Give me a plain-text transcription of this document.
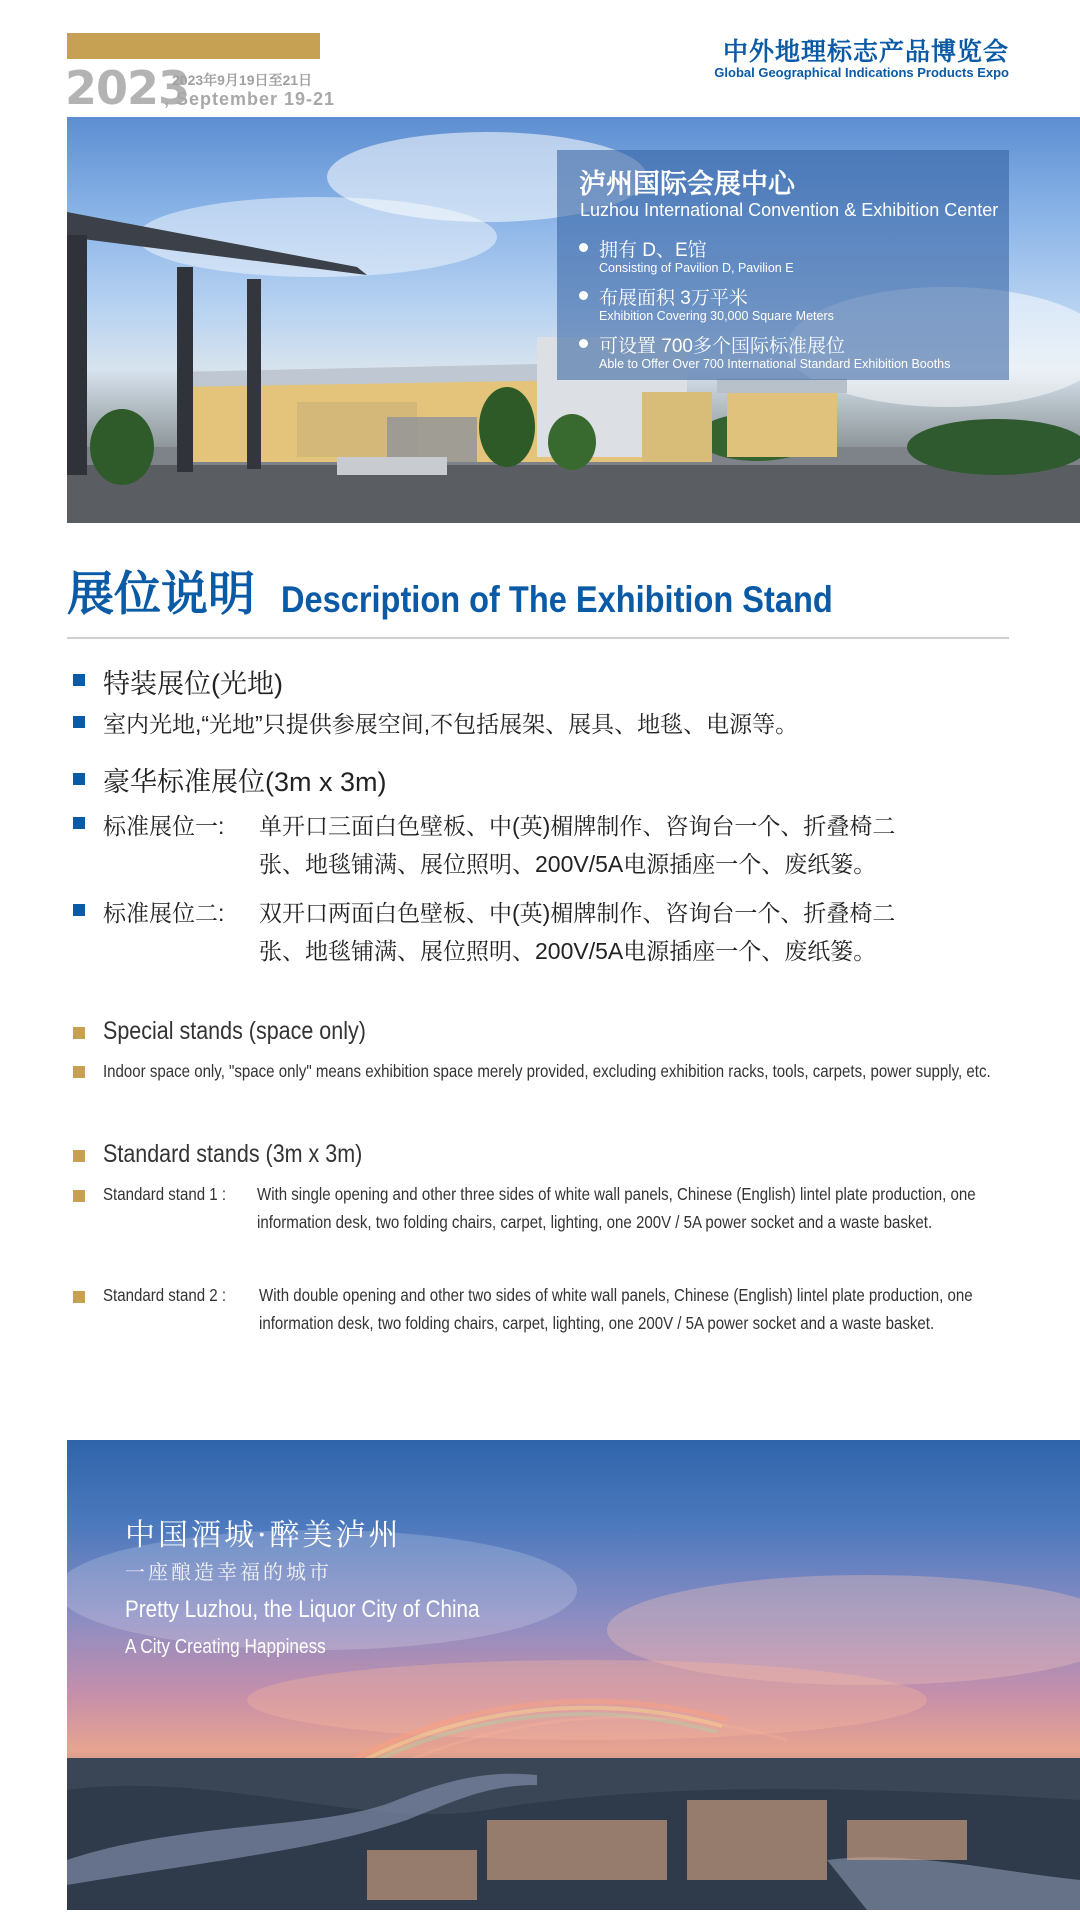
2023
2023年9月19日至21日
, September 19-21
中外地理标志产品博览会
Global Geographical Indications Products Expo
泸州国际会展中心
Luzhou International Convention & Exhibition Center
拥有 D、E馆
Consisting of Pavilion D, Pavilion E
布展面积 3万平米
Exhibition Covering 30,000 Square Meters
可设置 700多个国际标准展位
Able to Offer Over 700 International Standard Exhibition Booths
展位说明 Description of The Exhibition Stand
特装展位(光地)
室内光地,“光地”只提供参展空间,不包括展架、展具、地毯、电源等。
豪华标准展位(3m x 3m)
标准展位一: 单开口三面白色壁板、中(英)楣牌制作、咨询台一个、折叠椅二
张、地毯铺满、展位照明、200V/5A电源插座一个、废纸篓。
标准展位二: 双开口两面白色壁板、中(英)楣牌制作、咨询台一个、折叠椅二
张、地毯铺满、展位照明、200V/5A电源插座一个、废纸篓。
Special stands (space only)
Indoor space only, "space only" means exhibition space merely provided, excluding exhibition racks, tools, carpets, power supply, etc.
Standard stands (3m x 3m)
Standard stand 1 : With single opening and other three sides of white wall panels, Chinese (English) lintel plate production, one information desk, two folding chairs, carpet, lighting, one 200V / 5A power socket and a waste basket.
Standard stand 2 : With double opening and other two sides of white wall panels, Chinese (English) lintel plate production, one information desk, two folding chairs, carpet, lighting, one 200V / 5A power socket and a waste basket.
中国酒城·醉美泸州
一座酿造幸福的城市
Pretty Luzhou, the Liquor City of China
A City Creating Happiness
